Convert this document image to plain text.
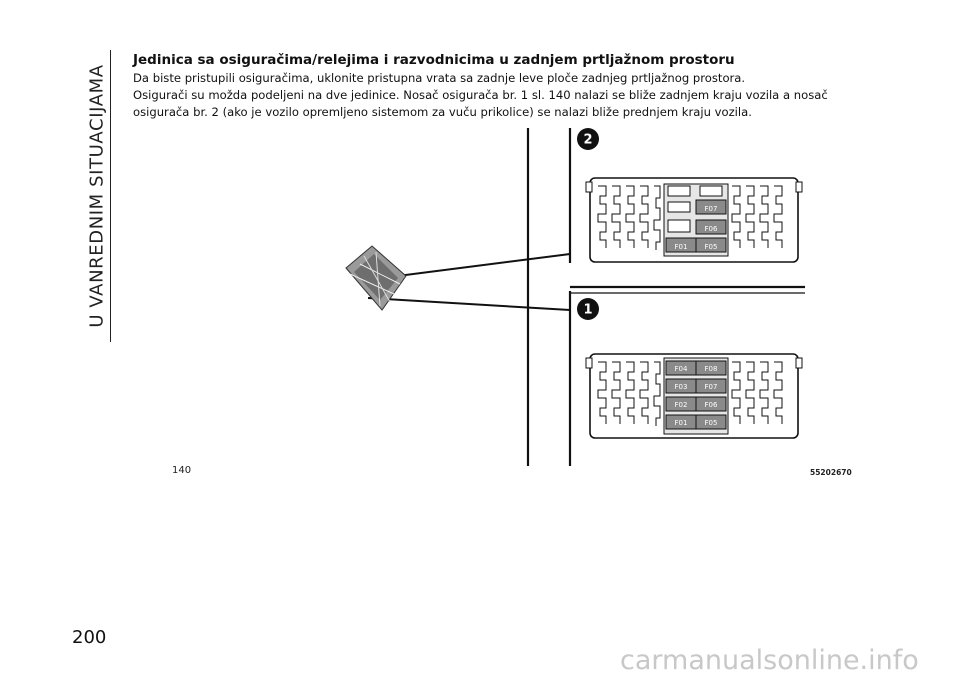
U VANREDNIM SITUACIJAMA
Jedinica sa osiguračima/relejima i razvodnicima u zadnjem prtljažnom prostoru

Da biste pristupili osiguračima, uklonite pristupna vrata sa zadnje leve ploče zadnjeg prtljažnog prostora.

Osigurači su možda podeljeni na dve jedinice. Nosač osigurača br. 1 sl. 140 nalazi se bliže zadnjem kraju vozila a nosač osigurača br. 2 (ako je vozilo opremljeno sistemom za vuču prikolice) se nalazi bliže prednjem kraju vozila.

2
1
F07
F06
F01 F05
F04 F08
F03 F07
F02 F06
F01 F05
140	55202670
200
carmanualsonline.info
